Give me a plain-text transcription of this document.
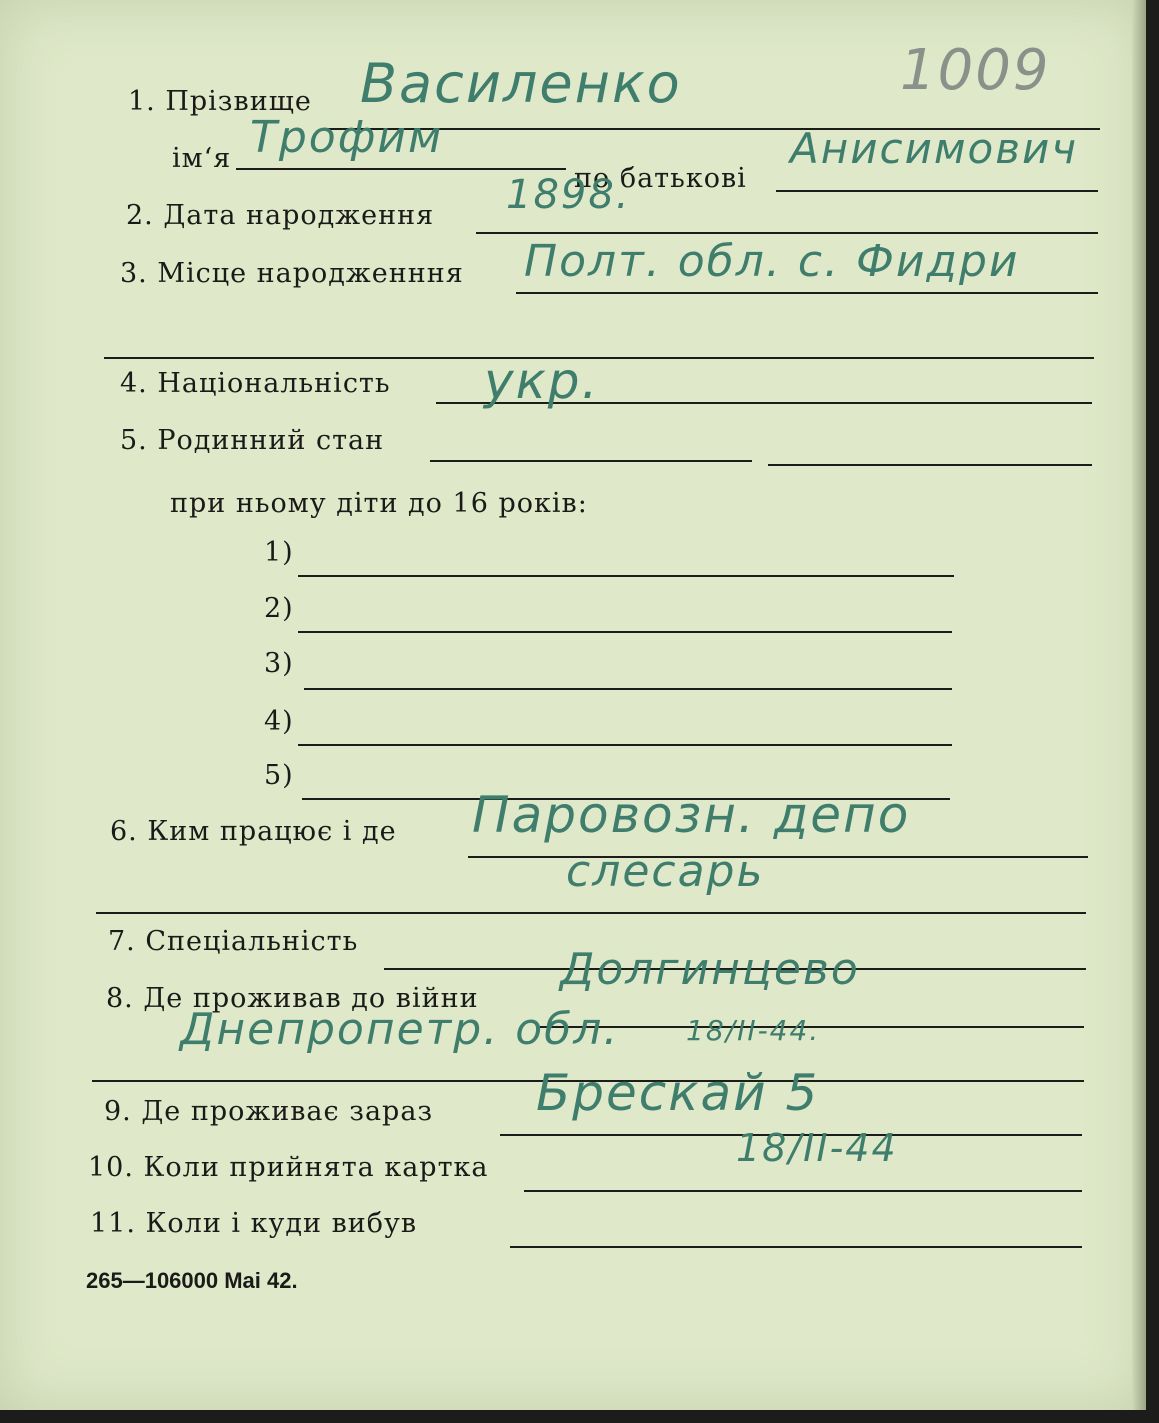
1. Прізвище
ім‘я
по батькові
2. Дата народження
3. Місце народженння
4. Національність
5. Родинний стан
при ньому діти до 16 років:
1)
2)
3)
4)
5)
6. Ким працює і де
7. Спеціальність
8. Де проживав до війни
9. Де проживає зараз
10. Коли прийнята картка
11. Коли і куди вибув
1009
Василенко
Трофим	Анисимович
1898.
Полт. обл. с. Фидри
укр.
Паровозн. депо
слесарь
Долгинцево
Днепропетр. обл. 18/II-44.
Брескай 5
18/II-44
265—106000 Mai 42.
